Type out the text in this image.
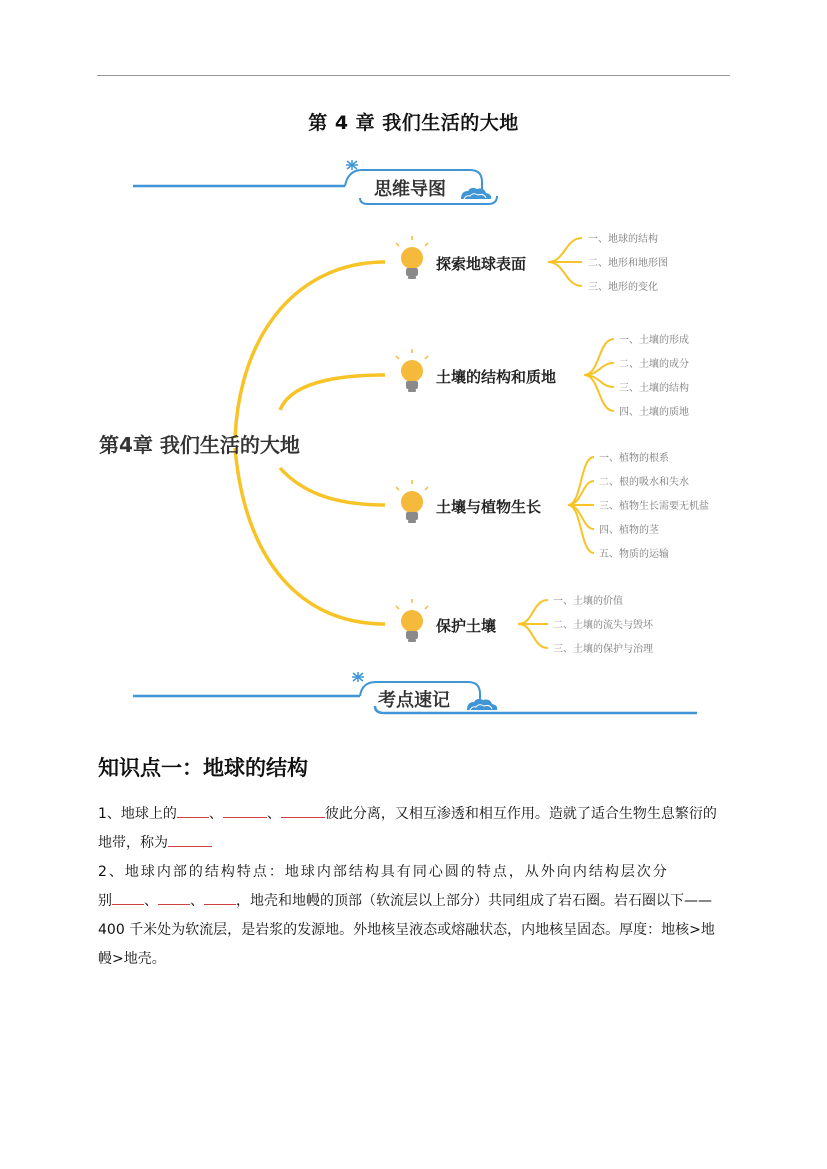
第 4 章 我们生活的大地
思维导图
第4章 我们生活的大地
探索地球表面
一、地球的结构
二、地形和地形图
三、地形的变化
土壤的结构和质地
一、土壤的形成
二、土壤的成分
三、土壤的结构
四、土壤的质地
土壤与植物生长
一、植物的根系
二、根的吸水和失水
三、植物生长需要无机盐
四、植物的茎
五、物质的运输
保护土壤
一、土壤的价值
二、土壤的流失与毁坏
三、土壤的保护与治理
考点速记
知识点一：地球的结构
1、地球上的 、	、	彼此分离，又相互渗透和相互作用。造就了适合生物生息繁衍的
地带，称为
2、地球内部的结构特点：地球内部结构具有同心圆的特点，从外向内结构层次分
别 、 、 ，地壳和地幔的顶部（软流层以上部分）共同组成了岩石圈。岩石圈以下——
400 千米处为软流层，是岩浆的发源地。外地核呈液态或熔融状态，内地核呈固态。厚度：地核>地
幔>地壳。
